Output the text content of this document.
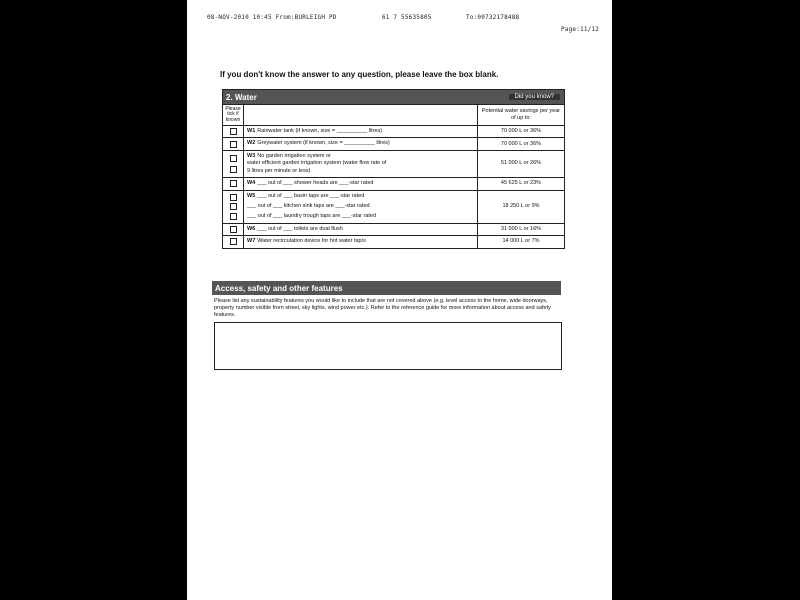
08-NOV-2010 10:45 From:BURLEIGH PD	61 7 55635805	To:00732178488
Page:11/12
If you don't know the answer to any question, please leave the box blank.
2. Water	Did you know?
Please tick if known
Potential water savings per year of up to:
W1 Rainwater tank (if known, size = __________ litres)	70 000 L or 36%
W2 Greywater system (if known, size = __________ litres)	70 000 L or 36%
W3 No garden irrigation system or
water efficient garden irrigation system (water flow rate of
9 litres per minute or less)
51 000 L or 26%
W4 ___ out of ___ shower heads are ___-star rated	45 625 L or 23%
W5 ___ out of ___ basin taps are ___-star rated
___ out of ___ kitchen sink taps are ___-star rated
___ out of ___ laundry trough taps are ___-star rated
18 250 L or 9%
W6 ___ out of ___ toilets are dual flush	31 000 L or 16%
W7 Water recirculation device for hot water tap/s	14 000 L or 7%
Access, safety and other features

Please list any sustainability features you would like to include that are not covered above (e.g. level access to the home, wide doorways, property number visible from street, sky lights, wind power etc.). Refer to the reference guide for more information about access and safety features.
